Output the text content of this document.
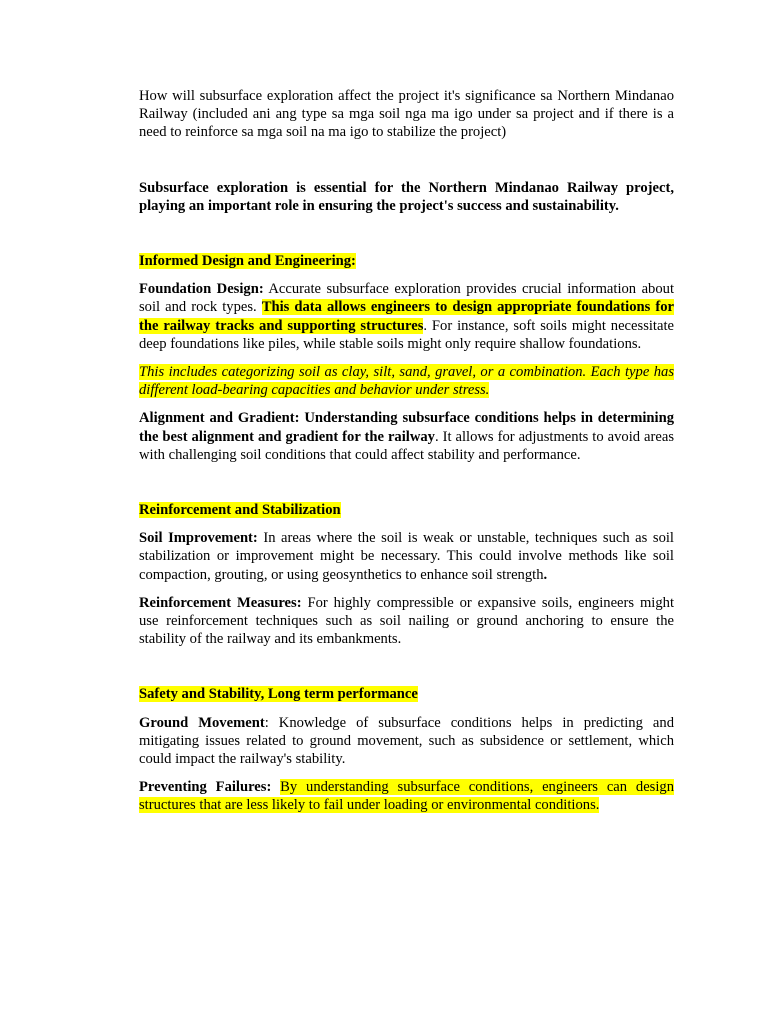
How will subsurface exploration affect the project it's significance sa Northern Mindanao Railway (included ani ang type sa mga soil nga ma igo under sa project and if there is a need to reinforce sa mga soil na ma igo to stabilize the project)

Subsurface exploration is essential for the Northern Mindanao Railway project, playing an important role in ensuring the project's success and sustainability.

Informed Design and Engineering:

Foundation Design: Accurate subsurface exploration provides crucial information about soil and rock types. This data allows engineers to design appropriate foundations for the railway tracks and supporting structures. For instance, soft soils might necessitate deep foundations like piles, while stable soils might only require shallow foundations.

This includes categorizing soil as clay, silt, sand, gravel, or a combination. Each type has different load-bearing capacities and behavior under stress.

Alignment and Gradient: Understanding subsurface conditions helps in determining the best alignment and gradient for the railway. It allows for adjustments to avoid areas with challenging soil conditions that could affect stability and performance.

Reinforcement and Stabilization

Soil Improvement: In areas where the soil is weak or unstable, techniques such as soil stabilization or improvement might be necessary. This could involve methods like soil compaction, grouting, or using geosynthetics to enhance soil strength.

Reinforcement Measures: For highly compressible or expansive soils, engineers might use reinforcement techniques such as soil nailing or ground anchoring to ensure the stability of the railway and its embankments.

Safety and Stability, Long term performance

Ground Movement: Knowledge of subsurface conditions helps in predicting and mitigating issues related to ground movement, such as subsidence or settlement, which could impact the railway's stability.

Preventing Failures: By understanding subsurface conditions, engineers can design structures that are less likely to fail under loading or environmental conditions.
